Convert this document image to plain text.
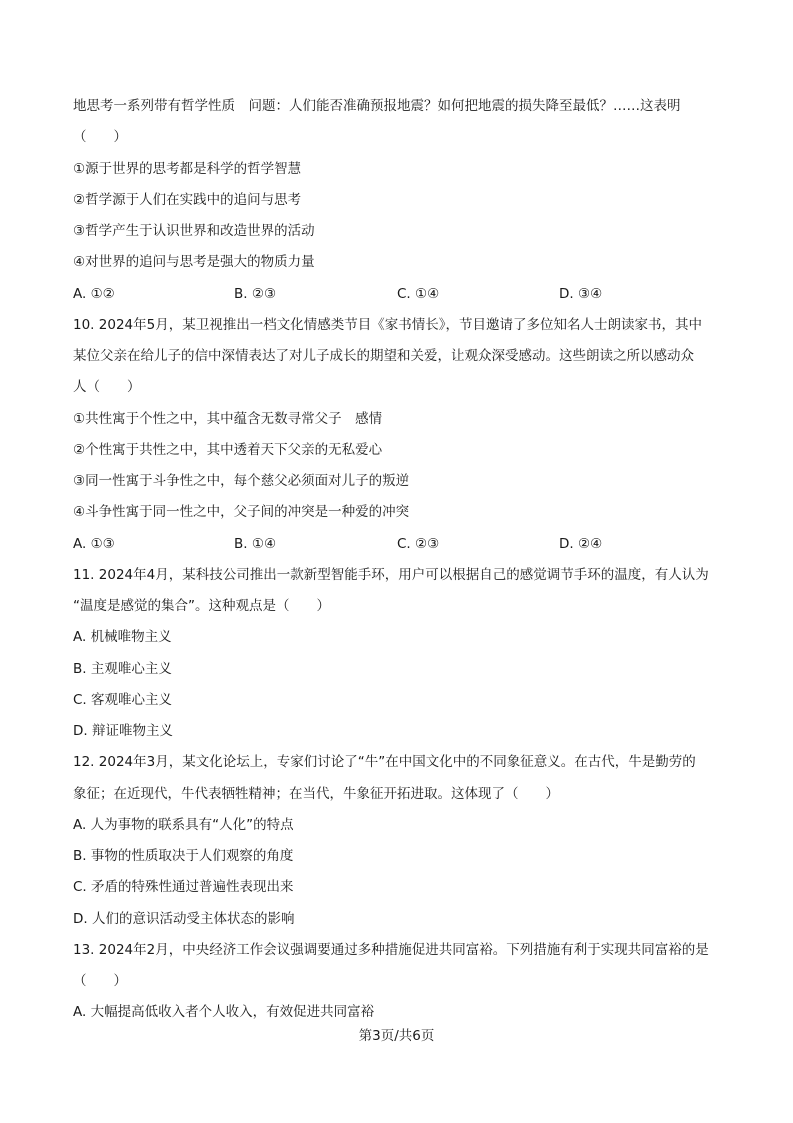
地思考一系列带有哲学性质　问题：人们能否准确预报地震？如何把地震的损失降至最低？……这表明
（　　）
①源于世界的思考都是科学的哲学智慧
②哲学源于人们在实践中的追问与思考
③哲学产生于认识世界和改造世界的活动
④对世界的追问与思考是强大的物质力量
A. ①②	B. ②③	C. ①④	D. ③④
10. 2024年5月，某卫视推出一档文化情感类节目《家书情长》，节目邀请了多位知名人士朗读家书，其中
某位父亲在给儿子的信中深情表达了对儿子成长的期望和关爱，让观众深受感动。这些朗读之所以感动众
人（　　）
①共性寓于个性之中，其中蕴含无数寻常父子　感情
②个性寓于共性之中，其中透着天下父亲的无私爱心
③同一性寓于斗争性之中，每个慈父必须面对儿子的叛逆
④斗争性寓于同一性之中，父子间的冲突是一种爱的冲突
A. ①③	B. ①④	C. ②③	D. ②④
11. 2024年4月，某科技公司推出一款新型智能手环，用户可以根据自己的感觉调节手环的温度，有人认为
“温度是感觉的集合”。这种观点是（　　）
A. 机械唯物主义
B. 主观唯心主义
C. 客观唯心主义
D. 辩证唯物主义
12. 2024年3月，某文化论坛上，专家们讨论了“牛”在中国文化中的不同象征意义。在古代，牛是勤劳的
象征；在近现代，牛代表牺牲精神；在当代，牛象征开拓进取。这体现了（　　）
A. 人为事物的联系具有“人化”的特点
B. 事物的性质取决于人们观察的角度
C. 矛盾的特殊性通过普遍性表现出来
D. 人们的意识活动受主体状态的影响
13. 2024年2月，中央经济工作会议强调要通过多种措施促进共同富裕。下列措施有利于实现共同富裕的是
（　　）
A. 大幅提高低收入者个人收入，有效促进共同富裕
第3页/共6页
